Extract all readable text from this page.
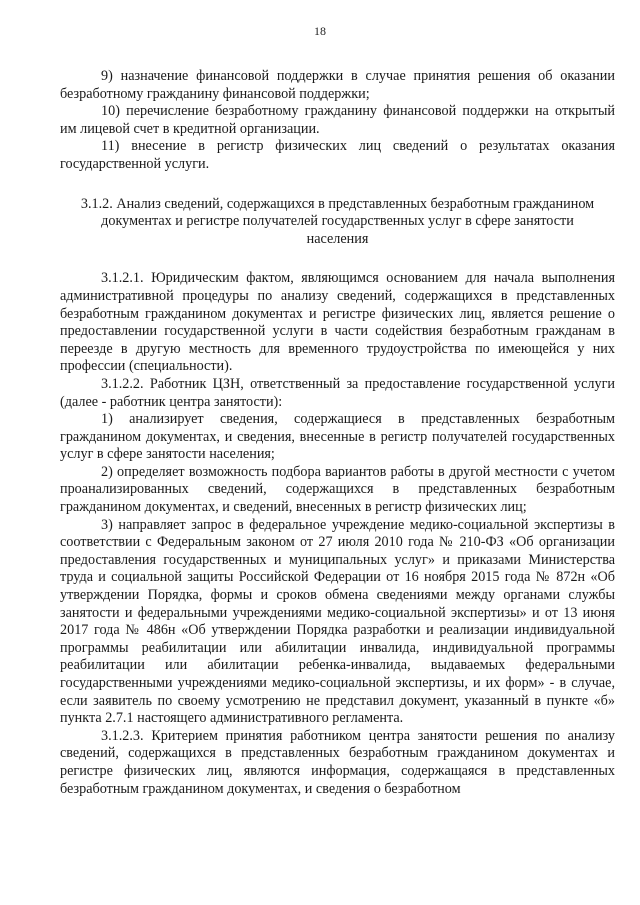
18

9) назначение финансовой поддержки в случае принятия решения об оказании безработному гражданину финансовой поддержки;

10) перечисление безработному гражданину финансовой поддержки на открытый им лицевой счет в кредитной организации.

11) внесение в регистр физических лиц сведений о результатах оказания государственной услуги.

3.1.2. Анализ сведений, содержащихся в представленных безработным гражданином документах и регистре получателей государственных услуг в сфере занятости населения

3.1.2.1. Юридическим фактом, являющимся основанием для начала выполнения административной процедуры по анализу сведений, содержащихся в представленных безработным гражданином документах и регистре физических лиц, является решение о предоставлении государственной услуги в части содействия безработным гражданам в переезде в другую местность для временного трудоустройства по имеющейся у них профессии (специальности).

3.1.2.2. Работник ЦЗН, ответственный за предоставление государственной услуги (далее - работник центра занятости):

1) анализирует сведения, содержащиеся в представленных безработным гражданином документах, и сведения, внесенные в регистр получателей государственных услуг в сфере занятости населения;

2) определяет возможность подбора вариантов работы в другой местности с учетом проанализированных сведений, содержащихся в представленных безработным гражданином документах, и сведений, внесенных в регистр физических лиц;

3) направляет запрос в федеральное учреждение медико-социальной экспертизы в соответствии с Федеральным законом от 27 июля 2010 года № 210-ФЗ «Об организации предоставления государственных и муниципальных услуг» и приказами Министерства труда и социальной защиты Российской Федерации от 16 ноября 2015 года № 872н «Об утверждении Порядка, формы и сроков обмена сведениями между органами службы занятости и федеральными учреждениями медико-социальной экспертизы» и от 13 июня 2017 года № 486н «Об утверждении Порядка разработки и реализации индивидуальной программы реабилитации или абилитации инвалида, индивидуальной программы реабилитации или абилитации ребенка-инвалида, выдаваемых федеральными государственными учреждениями медико-социальной экспертизы, и их форм» - в случае, если заявитель по своему усмотрению не представил документ, указанный в пункте «б» пункта 2.7.1 настоящего административного регламента.

3.1.2.3. Критерием принятия работником центра занятости решения по анализу сведений, содержащихся в представленных безработным гражданином документах и регистре физических лиц, являются информация, содержащаяся в представленных безработным гражданином документах, и сведения о безработном
